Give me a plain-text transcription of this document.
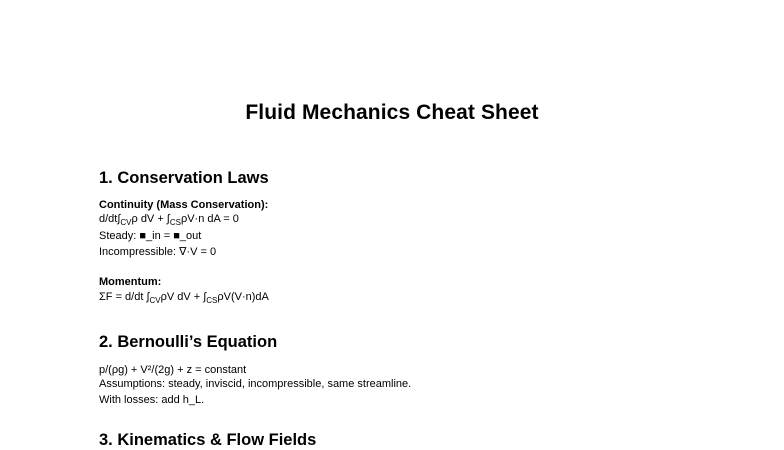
Fluid Mechanics Cheat Sheet
1. Conservation Laws
Continuity (Mass Conservation):
$d/dt\int_{CV}\rho$ dV + $\int_{CS}\rho V\cdot n$ dA = 0
Steady: ■_in = ■_out
Incompressible: ∇·V = 0
Momentum:
ΣF = d/dt $\int_{CV}\rho V$ dV + $\int_{CS}\rho V(V\cdot n)dA$
2. Bernoulli’s Equation
p/(ρg) + V²/(2g) + z = constant
Assumptions: steady, inviscid, incompressible, same streamline.
With losses: add h_L.
3. Kinematics & Flow Fields
